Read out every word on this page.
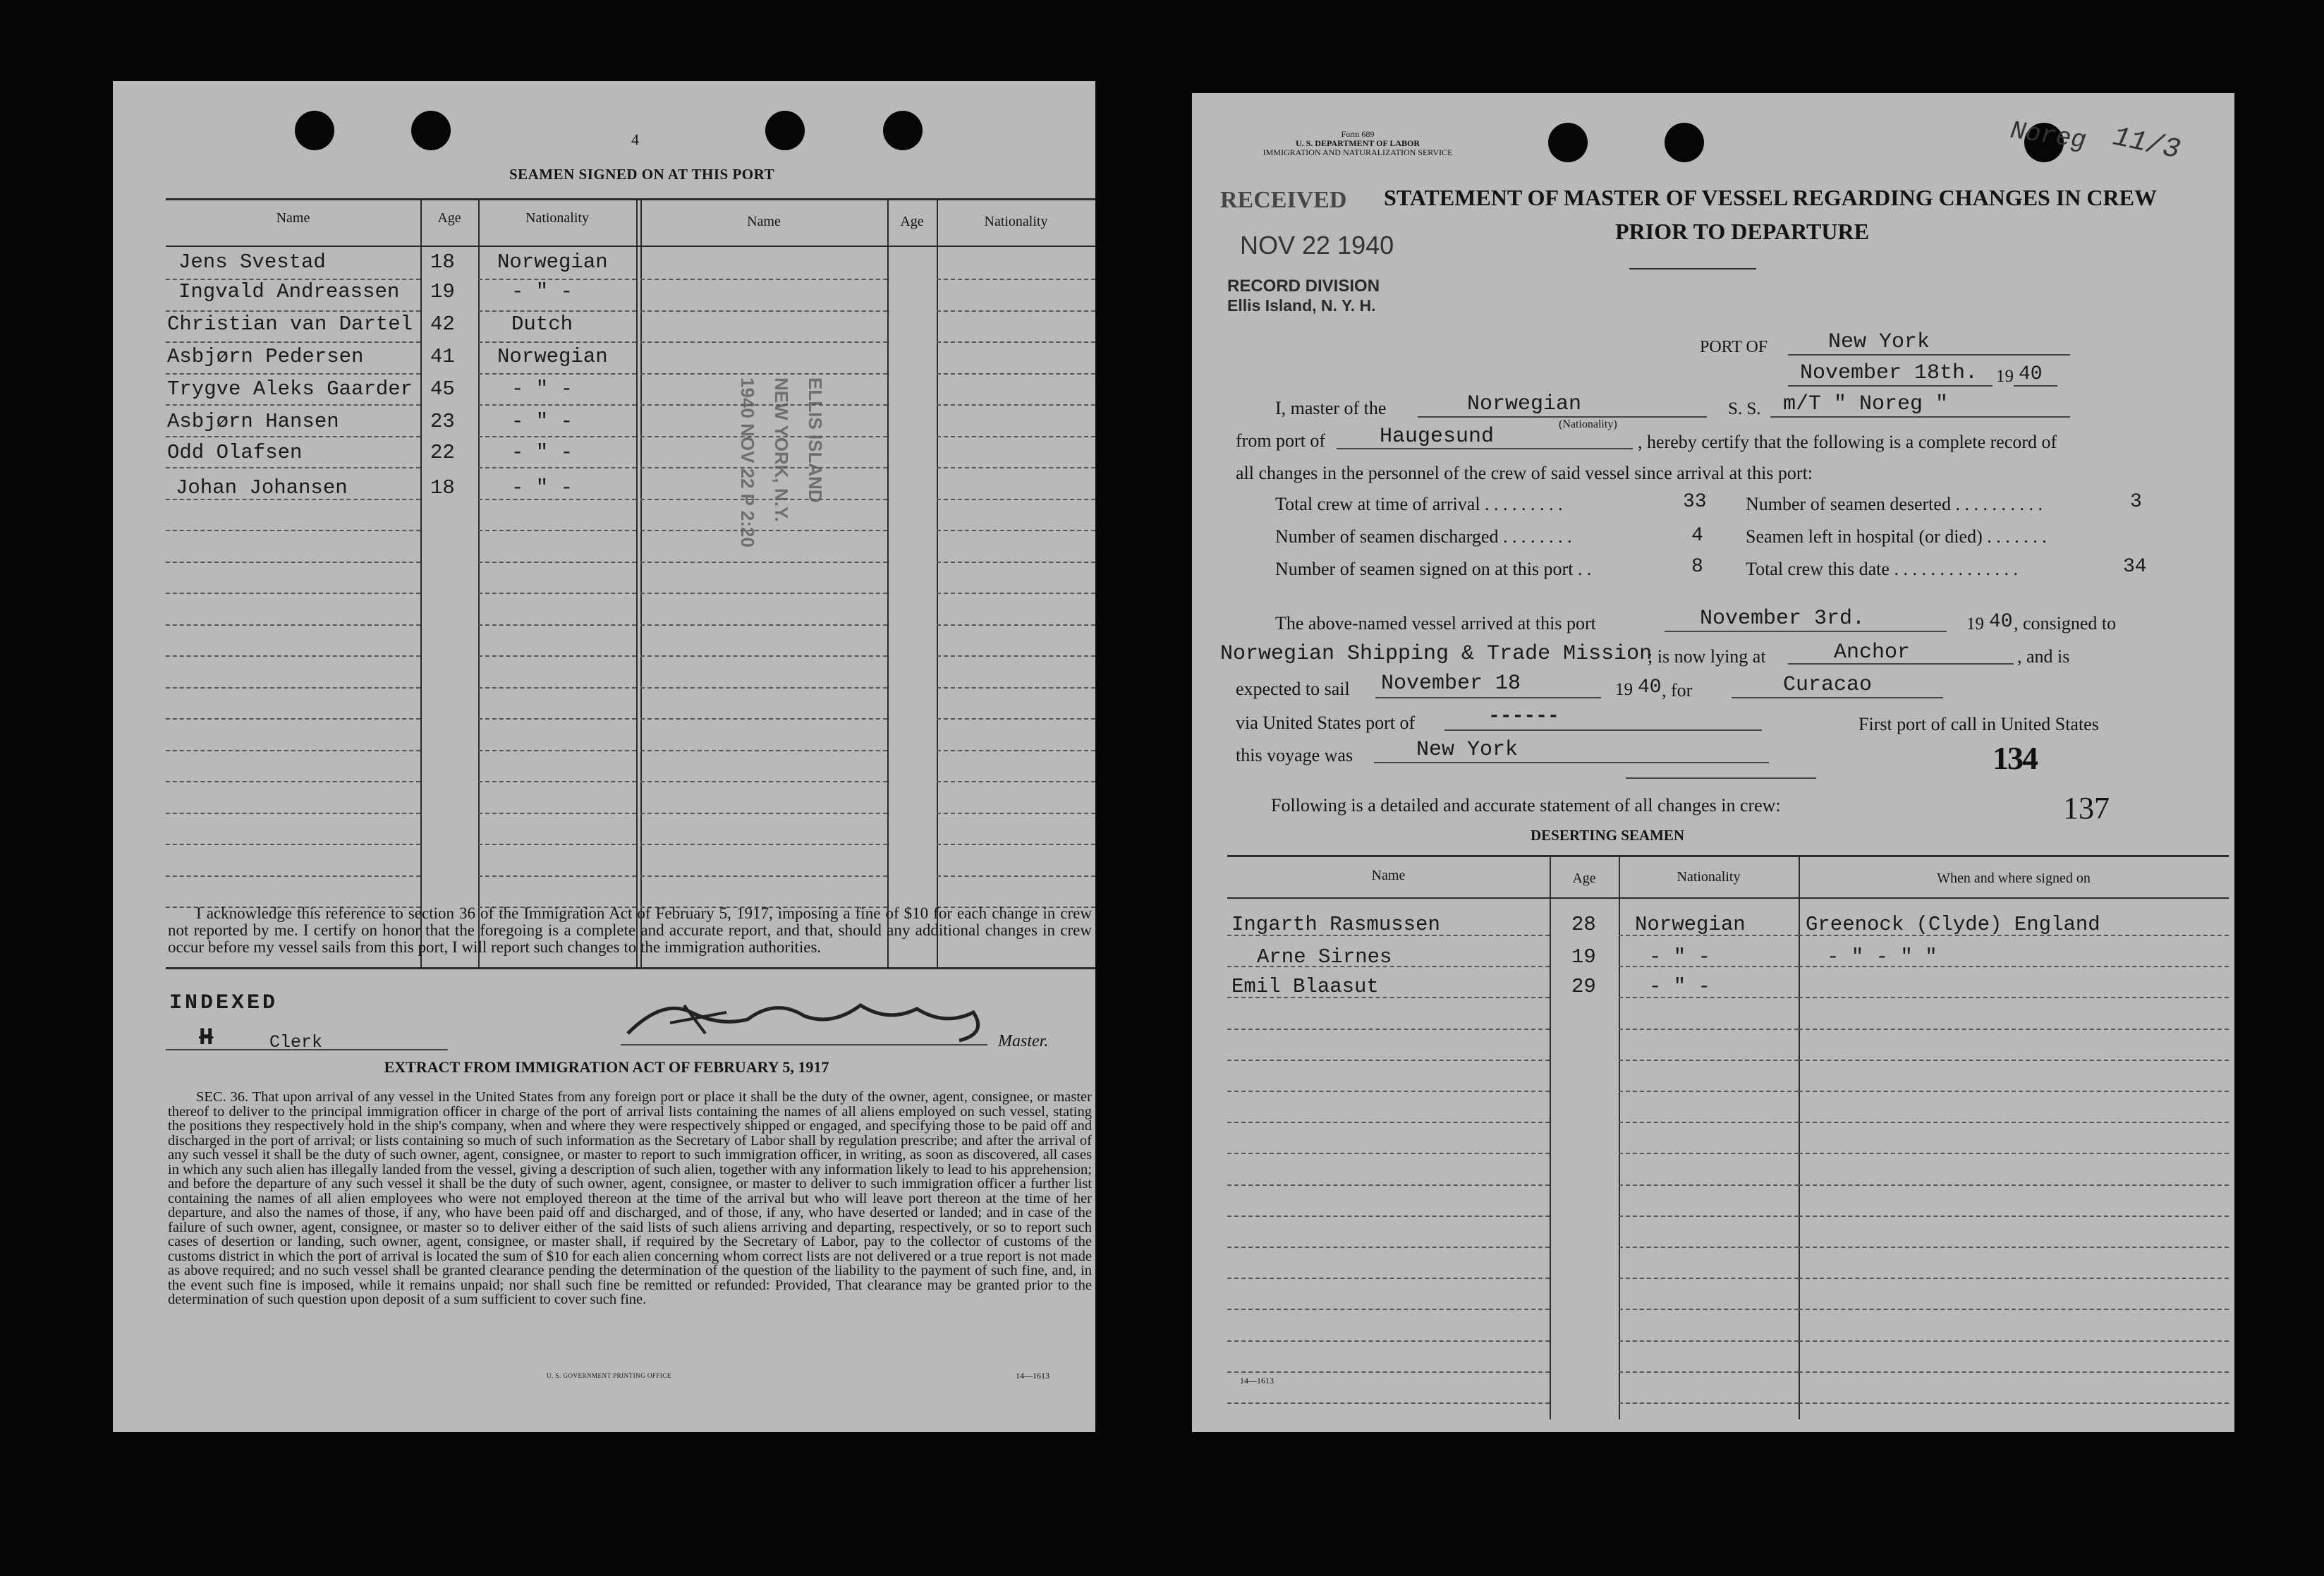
4
SEAMEN SIGNED ON AT THIS PORT
Name	Age	Nationality	Name	Age	Nationality
Jens Svestad	18 Norwegian
Ingvald Andreassen 19	- " -
Christian van Dartel 42	Dutch
Asbjørn Pedersen	41 Norwegian
Trygve Aleks Gaarder 45	- " -
Asbjørn Hansen	23	- " -
Odd Olafsen	22	- " -
Johan Johansen	18	- " -	ELLIS ISLAND
NEW YORK, N.Y.
1940 NOV 22 P 2:20
I acknowledge this reference to section 36 of the Immigration Act of February 5, 1917, imposing a fine of $10 for each change in crew not reported by me. I certify on honor that the foregoing is a complete and accurate report, and that, should any additional changes in crew occur before my vessel sails from this port, I will report such changes to the immigration authorities.
INDEXED
H	Clerk	Master.
EXTRACT FROM IMMIGRATION ACT OF FEBRUARY 5, 1917
SEC. 36. That upon arrival of any vessel in the United States from any foreign port or place it shall be the duty of the owner, agent, consignee, or master thereof to deliver to the principal immigration officer in charge of the port of arrival lists containing the names of all aliens employed on such vessel, stating the positions they respectively hold in the ship's company, when and where they were respectively shipped or engaged, and specifying those to be paid off and discharged in the port of arrival; or lists containing so much of such information as the Secretary of Labor shall by regulation prescribe; and after the arrival of any such vessel it shall be the duty of such owner, agent, consignee, or master to report to such immigration officer, in writing, as soon as discovered, all cases in which any such alien has illegally landed from the vessel, giving a description of such alien, together with any information likely to lead to his apprehension; and before the departure of any such vessel it shall be the duty of such owner, agent, consignee, or master to deliver to such immigration officer a further list containing the names of all alien employees who were not employed thereon at the time of the arrival but who will leave port thereon at the time of her departure, and also the names of those, if any, who have been paid off and discharged, and of those, if any, who have deserted or landed; and in case of the failure of such owner, agent, consignee, or master so to deliver either of the said lists of such aliens arriving and departing, respectively, or so to report such cases of desertion or landing, such owner, agent, consignee, or master shall, if required by the Secretary of Labor, pay to the collector of customs of the customs district in which the port of arrival is located the sum of $10 for each alien concerning whom correct lists are not delivered or a true report is not made as above required; and no such vessel shall be granted clearance pending the determination of the question of the liability to the payment of such fine, and, in the event such fine is imposed, while it remains unpaid; nor shall such fine be remitted or refunded: Provided, That clearance may be granted prior to the determination of such question upon deposit of a sum sufficient to cover such fine.
U. S. GOVERNMENT PRINTING OFFICE	14—1613
Form 689
U. S. DEPARTMENT OF LABOR
IMMIGRATION AND NATURALIZATION SERVICE	Noreg 11/3
RECEIVED	STATEMENT OF MASTER OF VESSEL REGARDING CHANGES IN CREW
PRIOR TO DEPARTURE
NOV 22 1940
RECORD DIVISION
Ellis Island, N. Y. H.
PORT OF	New York
November 18th. 19 40
I, master of the	Norwegian
(Nationality)
S. S. m/T " Noreg "
from port of	Haugesund	, hereby certify that the following is a complete record of
all changes in the personnel of the crew of said vessel since arrival at this port:
Total crew at time of arrival . . . . . . . . .	33
Number of seamen discharged . . . . . . . .	4
Number of seamen signed on at this port . .	8
Number of seamen deserted . . . . . . . . . .	3
Seamen left in hospital (or died) . . . . . . .
Total crew this date . . . . . . . . . . . . . .	34
The above-named vessel arrived at this port	November 3rd.	19 40 , consigned to
Norwegian Shipping & Trade Mission
; is now lying at	Anchor	, and is
expected to sail November 18	19 40 , for	Curacao
via United States port of	------	First port of call in United States
this voyage was	New York	134
Following is a detailed and accurate statement of all changes in crew:	137
DESERTING SEAMEN
Name	Age	Nationality	When and where signed on
Ingarth Rasmussen	28 Norwegian	Greenock (Clyde) England
Arne Sirnes	19	- " -	- " - " "
Emil Blaasut	29	- " -
14—1613
